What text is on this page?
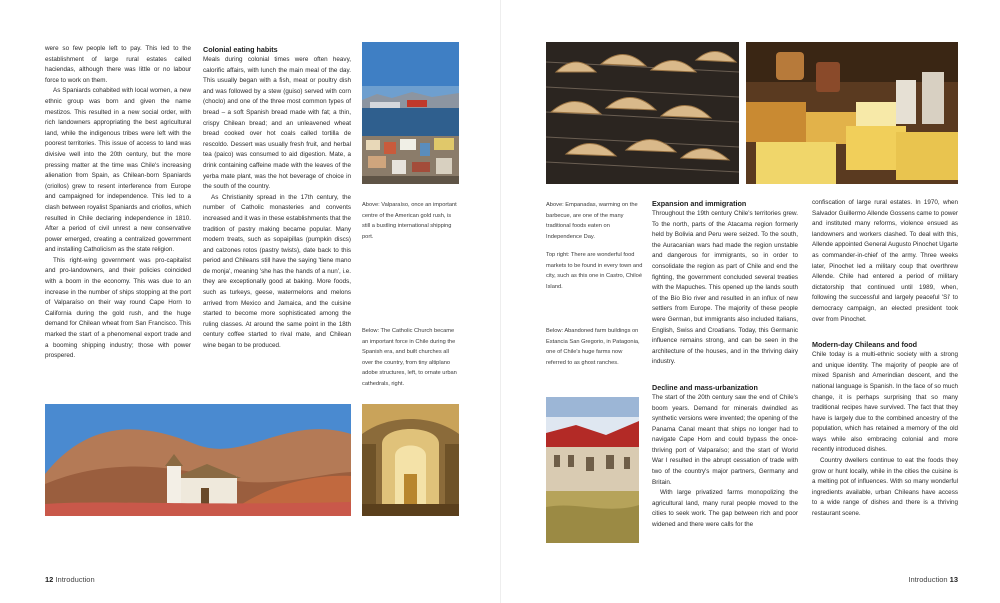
were so few people left to pay. This led to the establishment of large rural estates called haciendas, although there was little or no labour force to work on them.

As Spaniards cohabited with local women, a new ethnic group was born and given the name mestizos. This resulted in a new social order, with rich landowners appropriating the best agricultural land, while the indigenous tribes were left with the poorest territories. This issue of access to land was divisive well into the 20th century, but the more pressing matter at the time was Chile's increasing alienation from Spain, as Chilean-born Spaniards (criollos) grew to resent interference from Europe and campaigned for independence. This led to a clash between royalist Spaniards and criollos, which resulted in Chile declaring independence in 1810. After a period of civil unrest a new conservative power emerged, creating a centralized government and installing Catholicism as the state religion.

This right-wing government was pro-capitalist and pro-landowners, and their policies coincided with a boom in the economy. This was due to an increase in the number of ships stopping at the port of Valparaíso on their way round Cape Horn to California during the gold rush, and the huge demand for Chilean wheat from San Francisco. This marked the start of a phenomenal export trade and a booming shipping industry; those with power prospered.

Colonial eating habits

Meals during colonial times were often heavy, calorific affairs, with lunch the main meal of the day. This usually began with a fish, meat or poultry dish and was followed by a stew (guiso) served with corn (choclo) and one of the three most common types of bread – a soft Spanish bread made with fat; a thin, crispy Chilean bread; and an unleavened wheat bread cooked over hot coals called tortilla de rescoldo. Dessert was usually fresh fruit, and herbal tea (paico) was consumed to aid digestion. Mate, a drink containing caffeine made with the leaves of the yerba mate plant, was the hot beverage of choice in the south of the country.

As Christianity spread in the 17th century, the number of Catholic monasteries and convents increased and it was in these establishments that the tradition of pastry making became popular. Many modern treats, such as sopaipillas (pumpkin discs) and calzones rotos (pastry twists), date back to this period and Chileans still have the saying 'tiene mano de monja', meaning 'she has the hands of a nun', i.e. they are exceptionally good at baking. More foods, such as turkeys, geese, watermelons and melons arrived from Mexico and Jamaica, and the cuisine started to become more sophisticated among the ruling classes. At around the same point in the 18th century coffee started to rival mate, and Chilean wine began to be produced.

Above: Valparaíso, once an important centre of the American gold rush, is still a bustling international shipping port.

Below: The Catholic Church became an important force in Chile during the Spanish era, and built churches all over the country, from tiny altiplano adobe structures, left, to ornate urban cathedrals, right.

12 Introduction

Above: Empanadas, warming on the barbecue, are one of the many traditional foods eaten on Independence Day.

Top right: There are wonderful food markets to be found in every town and city, such as this one in Castro, Chiloé Island.

Below: Abandoned farm buildings on Estancia San Gregorio, in Patagonia, one of Chile's huge farms now referred to as ghost ranches.

Expansion and immigration

Throughout the 19th century Chile's territories grew. To the north, parts of the Atacama region formerly held by Bolivia and Peru were seized. To the south, the Auracanian wars had made the region unstable and dangerous for immigrants, so in order to consolidate the region as part of Chile and end the fighting, the government concluded several treaties with the Mapuches. This opened up the lands south of the Bío Bío river and resulted in an influx of new settlers from Europe. The majority of these people were German, but immigrants also included Italians, English, Swiss and Croatians. Today, this Germanic influence remains strong, and can be seen in the architecture of the houses, and in the thriving dairy industry.

Decline and mass-urbanization

The start of the 20th century saw the end of Chile's boom years. Demand for minerals dwindled as synthetic versions were invented; the opening of the Panama Canal meant that ships no longer had to navigate Cape Horn and could bypass the once-thriving port of Valparaíso; and the start of World War I resulted in the abrupt cessation of trade with two of the country's major partners, Germany and Britain.

With large privatized farms monopolizing the agricultural land, many rural people moved to the cities to seek work. The gap between rich and poor widened and there were calls for the

confiscation of large rural estates. In 1970, when Salvador Guillermo Allende Gossens came to power and instituted many reforms, violence ensued as landowners and workers clashed. To deal with this, Allende appointed General Augusto Pinochet Ugarte as commander-in-chief of the army. Three weeks later, Pinochet led a military coup that overthrew Allende. Chile had entered a period of military dictatorship that continued until 1989, when, following the successful and largely peaceful 'Sí' to democracy campaign, an elected president took over from Pinochet.

Modern-day Chileans and food

Chile today is a multi-ethnic society with a strong and unique identity. The majority of people are of mixed Spanish and Amerindian descent, and the national language is Spanish. In the face of so much change, it is perhaps surprising that so many traditional recipes have survived. The fact that they have is largely due to the combined ancestry of the population, which has retained a memory of the old ways while also embracing colonial and more recently introduced dishes.

Country dwellers continue to eat the foods they grow or hunt locally, while in the cities the cuisine is a melting pot of influences. With so many wonderful ingredients available, urban Chileans have access to a wide range of dishes and there is a thriving restaurant scene.

Introduction 13
